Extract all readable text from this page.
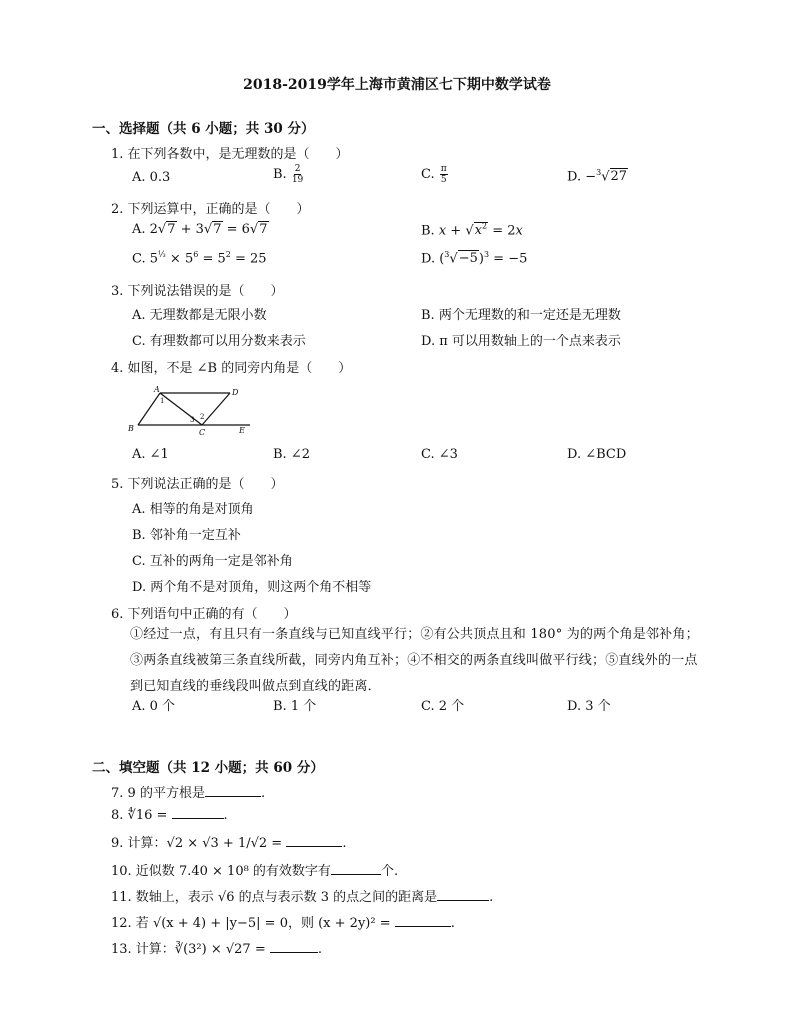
2018-2019学年上海市黄浦区七下期中数学试卷
一、选择题（共 6 小题；共 30 分）
1. 在下列各数中，是无理数的是（　　）
A. 0.3	B. $\frac{2}{19}$	C. $\frac{\pi}{5}$	D. −$^3$√27
2. 下列运算中，正确的是（　　）
A. 2√7 + 3√7 = 6√7	B. $x + √x^2 = 2x$
C. $5^{\frac{1}{3}} \times 5^6 = 5^2 = 25$	D. $(^3√-5)^3 = -5$
3. 下列说法错误的是（　　）
A. 无理数都是无限小数	B. 两个无理数的和一定还是无理数
C. 有理数都可以用分数来表示	D. π 可以用数轴上的一个点来表示
4. 如图，不是 ∠B 的同旁内角是（　　）
A	D
B	C	E
1
2
3
A. ∠1	B. ∠2	C. ∠3	D. ∠BCD
5. 下列说法正确的是（　　）
A. 相等的角是对顶角
B. 邻补角一定互补
C. 互补的两角一定是邻补角
D. 两个角不是对顶角，则这两个角不相等
6. 下列语句中正确的有（　　）
①经过一点，有且只有一条直线与已知直线平行；②有公共顶点且和 180° 为的两个角是邻补角；③两条直线被第三条直线所截，同旁内角互补；④不相交的两条直线叫做平行线；⑤直线外的一点到已知直线的垂线段叫做点到直线的距离．
A. 0 个	B. 1 个	C. 2 个	D. 3 个
二、填空题（共 12 小题；共 60 分）
7. 9 的平方根是	.
8. ∜16 =	.
9. 计算：√2 × √3 + 1/√2 =	.
10. 近似数 7.40 × 10⁸ 的有效数字有	个.
11. 数轴上，表示 √6 的点与表示数 3 的点之间的距离是	.
12. 若 √(x + 4) + |y−5| = 0，则 (x + 2y)² =	.
13. 计算：∛(3²) × √27 =	.
